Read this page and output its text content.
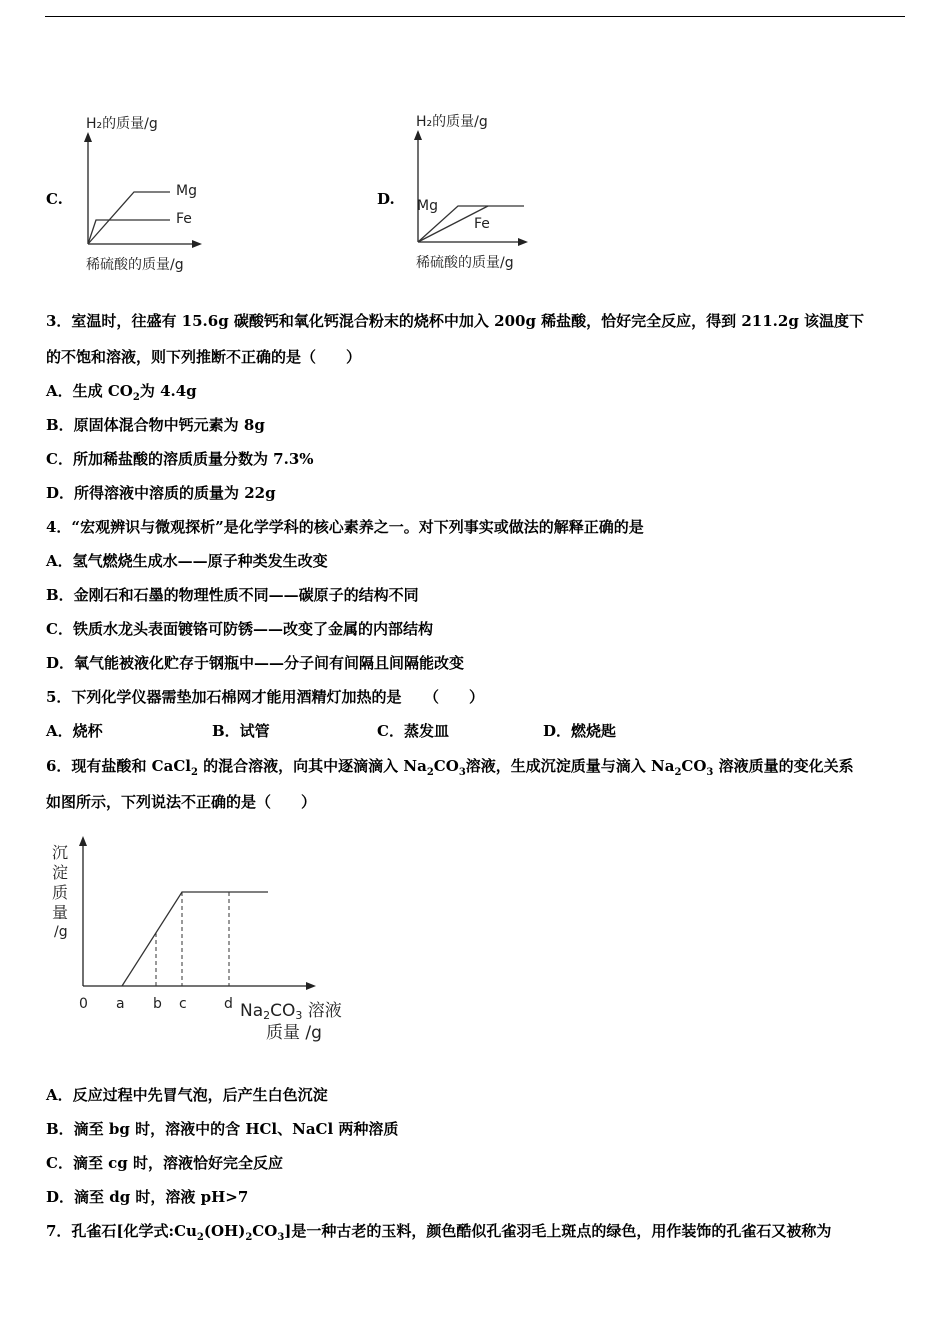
C.
H₂的质量/g
Mg
Fe
稀硫酸的质量/g
D.
H₂的质量/g
Mg
Fe
稀硫酸的质量/g
3．室温时，往盛有 15.6g 碳酸钙和氧化钙混合粉末的烧杯中加入 200g 稀盐酸，恰好完全反应，得到 211.2g 该温度下
的不饱和溶液，则下列推断不正确的是（　　）
A．生成 $CO_2$为 4.4g
B．原固体混合物中钙元素为 8g
C．所加稀盐酸的溶质质量分数为 7.3%
D．所得溶液中溶质的质量为 22g
4．“宏观辨识与微观探析”是化学学科的核心素养之一。对下列事实或做法的解释正确的是
A．氢气燃烧生成水——原子种类发生改变
B．金刚石和石墨的物理性质不同——碳原子的结构不同
C．铁质水龙头表面镀铬可防锈——改变了金属的内部结构
D．氧气能被液化贮存于钢瓶中——分子间有间隔且间隔能改变
5．下列化学仪器需垫加石棉网才能用酒精灯加热的是　　（　　）
A．烧杯	B．试管	C．蒸发皿	D．燃烧匙
6．现有盐酸和 CaCl$_2$ 的混合溶液，向其中逐滴滴入 $Na_2CO_3$溶液，生成沉淀质量与滴入 $Na_2CO_3$ 溶液质量的变化关系
如图所示，下列说法不正确的是（　　）
沉
淀
质
量
/g
0 a b c	d Na2CO3 溶液
质量 /g
A．反应过程中先冒气泡，后产生白色沉淀
B．滴至 bg 时，溶液中的含 HCl、NaCl 两种溶质
C．滴至 cg 时，溶液恰好完全反应
D．滴至 dg 时，溶液 pH>7
7．孔雀石[化学式$:Cu_2(OH)_2CO_3$]是一种古老的玉料，颜色酷似孔雀羽毛上斑点的绿色，用作装饰的孔雀石又被称为
